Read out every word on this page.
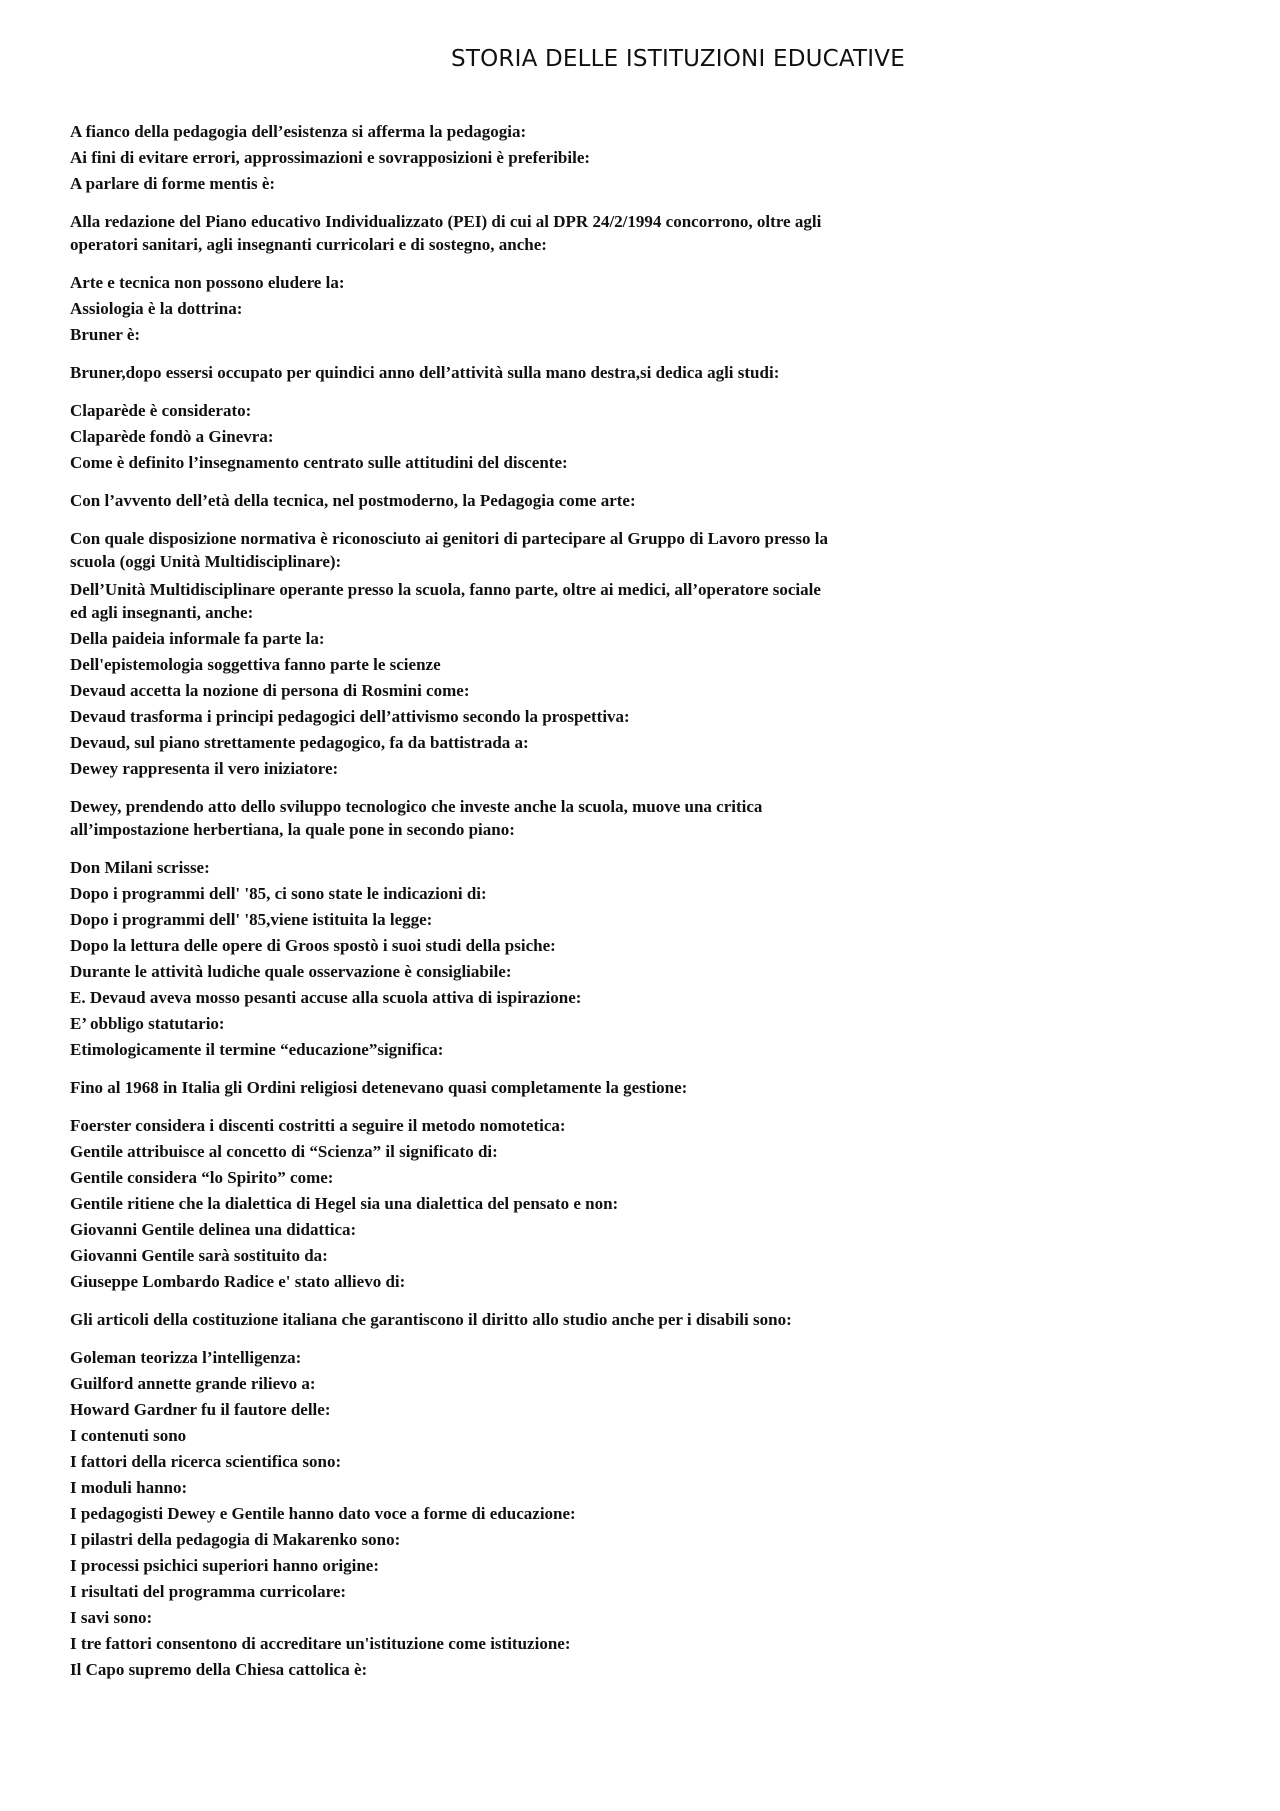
STORIA DELLE ISTITUZIONI EDUCATIVE
A fianco della pedagogia dell’esistenza si afferma la pedagogia:
Ai fini di evitare errori, approssimazioni e sovrapposizioni è preferibile:
A parlare di forme mentis è:
Alla redazione del Piano educativo Individualizzato (PEI) di cui al DPR 24/2/1994 concorrono, oltre agli
operatori sanitari, agli insegnanti curricolari e di sostegno, anche:
Arte e tecnica non possono eludere la:
Assiologia è la dottrina:
Bruner è:
Bruner,dopo essersi occupato per quindici anno dell’attività sulla mano destra,si dedica agli studi:
Claparède è considerato:
Claparède fondò a Ginevra:
Come è definito l’insegnamento centrato sulle attitudini del discente:
Con l’avvento dell’età della tecnica, nel postmoderno, la Pedagogia come arte:
Con quale disposizione normativa è riconosciuto ai genitori di partecipare al Gruppo di Lavoro presso la
scuola (oggi Unità Multidisciplinare):
Dell’Unità Multidisciplinare operante presso la scuola, fanno parte, oltre ai medici, all’operatore sociale
ed agli insegnanti, anche:
Della paideia informale fa parte la:
Dell'epistemologia soggettiva fanno parte le scienze
Devaud accetta la nozione di persona di Rosmini come:
Devaud trasforma i principi pedagogici dell’attivismo secondo la prospettiva:
Devaud, sul piano strettamente pedagogico, fa da battistrada a:
Dewey rappresenta il vero iniziatore:
Dewey, prendendo atto dello sviluppo tecnologico che investe anche la scuola, muove una critica
all’impostazione herbertiana, la quale pone in secondo piano:
Don Milani scrisse:
Dopo i programmi dell' '85, ci sono state le indicazioni di:
Dopo i programmi dell' '85,viene istituita la legge:
Dopo la lettura delle opere di Groos spostò i suoi studi della psiche:
Durante le attività ludiche quale osservazione è consigliabile:
E. Devaud aveva mosso pesanti accuse alla scuola attiva di ispirazione:
E’ obbligo statutario:
Etimologicamente il termine “educazione”significa:
Fino al 1968 in Italia gli Ordini religiosi detenevano quasi completamente la gestione:
Foerster considera i discenti costritti a seguire il metodo nomotetica:
Gentile attribuisce al concetto di “Scienza” il significato di:
Gentile considera “lo Spirito” come:
Gentile ritiene che la dialettica di Hegel sia una dialettica del pensato e non:
Giovanni Gentile delinea una didattica:
Giovanni Gentile sarà sostituito da:
Giuseppe Lombardo Radice e' stato allievo di:
Gli articoli della costituzione italiana che garantiscono il diritto allo studio anche per i disabili sono:
Goleman teorizza l’intelligenza:
Guilford annette grande rilievo a:
Howard Gardner fu il fautore delle:
I contenuti sono
I fattori della ricerca scientifica sono:
I moduli hanno:
I pedagogisti Dewey e Gentile hanno dato voce a forme di educazione:
I pilastri della pedagogia di Makarenko sono:
I processi psichici superiori hanno origine:
I risultati del programma curricolare:
I savi sono:
I tre fattori consentono di accreditare un'istituzione come istituzione:
Il Capo supremo della Chiesa cattolica è:
